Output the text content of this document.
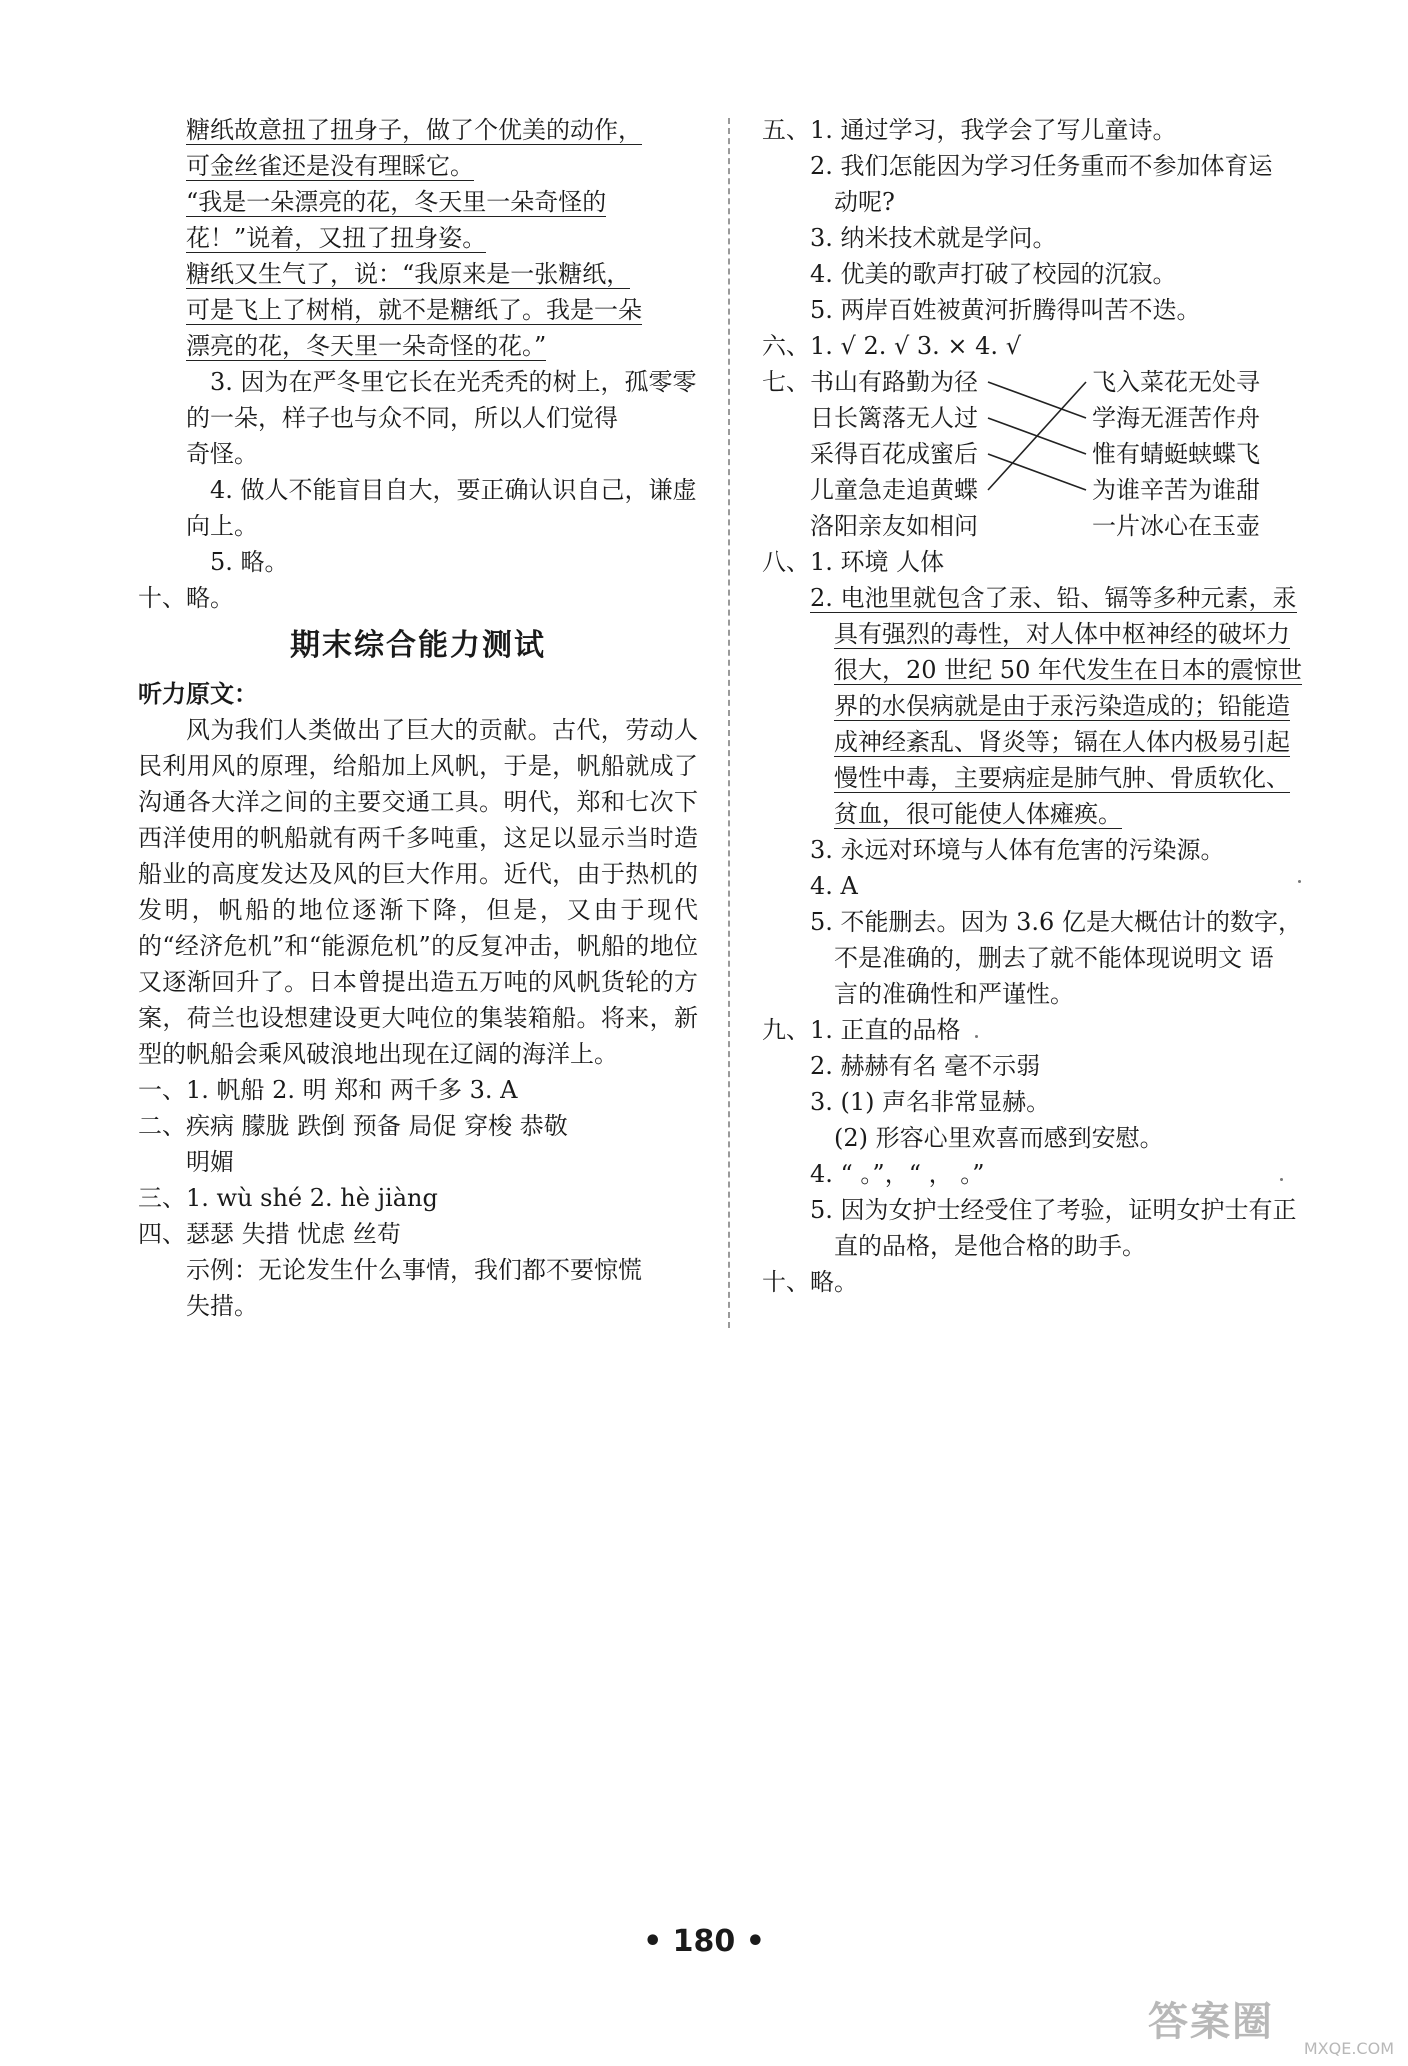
糖纸故意扭了扭身子，做了个优美的动作，
可金丝雀还是没有理睬它。
“我是一朵漂亮的花，冬天里一朵奇怪的
花！”说着，又扭了扭身姿。
糖纸又生气了，说：“我原来是一张糖纸，
可是飞上了树梢，就不是糖纸了。我是一朵
漂亮的花，冬天里一朵奇怪的花。”
3. 因为在严冬里它长在光秃秃的树上，孤零零
的一朵，样子也与众不同，所以人们觉得
奇怪。
4. 做人不能盲目自大，要正确认识自己，谦虚
向上。
5. 略。
十、略。
期末综合能力测试
听力原文：
风为我们人类做出了巨大的贡献。古代，劳动人民利用风的原理，给船加上风帆，于是，帆船就成了沟通各大洋之间的主要交通工具。明代，郑和七次下西洋使用的帆船就有两千多吨重，这足以显示当时造船业的高度发达及风的巨大作用。近代，由于热机的发明，帆船的地位逐渐下降，但是，又由于现代的“经济危机”和“能源危机”的反复冲击，帆船的地位又逐渐回升了。日本曾提出造五万吨的风帆货轮的方案，荷兰也设想建设更大吨位的集装箱船。将来，新型的帆船会乘风破浪地出现在辽阔的海洋上。
一、1. 帆船 2. 明 郑和 两千多 3. A
二、疾病 朦胧 跌倒 预备 局促 穿梭 恭敬
明媚
三、1. wù shé 2. hè jiàng
四、瑟瑟 失措 忧虑 丝苟
示例：无论发生什么事情，我们都不要惊慌
失措。
五、1. 通过学习，我学会了写儿童诗。
2. 我们怎能因为学习任务重而不参加体育运
动呢?
3. 纳米技术就是学问。
4. 优美的歌声打破了校园的沉寂。
5. 两岸百姓被黄河折腾得叫苦不迭。
六、1. √ 2. √ 3. × 4. √
七、 书山有路勤为径	飞入菜花无处寻
日长篱落无人过	学海无涯苦作舟
采得百花成蜜后	惟有蜻蜓蛱蝶飞
儿童急走追黄蝶	为谁辛苦为谁甜
洛阳亲友如相问	一片冰心在玉壶
八、1. 环境 人体
2. 电池里就包含了汞、铅、镉等多种元素，汞
具有强烈的毒性，对人体中枢神经的破坏力
很大，20 世纪 50 年代发生在日本的震惊世
界的水俣病就是由于汞污染造成的；铅能造
成神经紊乱、肾炎等；镉在人体内极易引起
慢性中毒，主要病症是肺气肿、骨质软化、
贫血，很可能使人体瘫痪。
3. 永远对环境与人体有危害的污染源。
4. A
5. 不能删去。因为 3.6 亿是大概估计的数字，
不是准确的，删去了就不能体现说明文 语
言的准确性和严谨性。
九、1. 正直的品格
2. 赫赫有名 毫不示弱
3. (1) 声名非常显赫。
(2) 形容心里欢喜而感到安慰。
4. “ 。”，“ ， 。”
5. 因为女护士经受住了考验，证明女护士有正
直的品格，是他合格的助手。
十、略。
• 180 •
答案圈
MXQE.COM
